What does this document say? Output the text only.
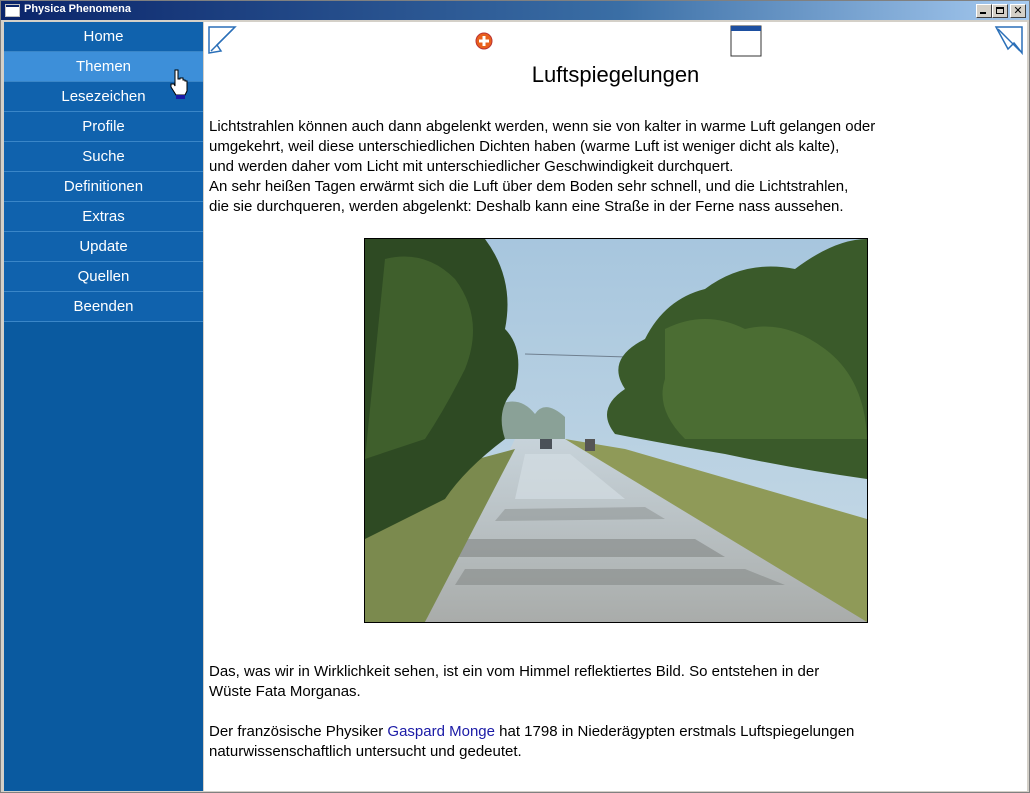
Physica Phenomena	✕
Home
Themen
Lesezeichen
Profile
Suche
Definitionen
Extras
Update
Quellen
Beenden
Luftspiegelungen

Lichtstrahlen können auch dann abgelenkt werden, wenn sie von kalter in warme Luft gelangen oder
umgekehrt, weil diese unterschiedlichen Dichten haben (warme Luft ist weniger dicht als kalte),
und werden daher vom Licht mit unterschiedlicher Geschwindigkeit durchquert.
An sehr heißen Tagen erwärmt sich die Luft über dem Boden sehr schnell, und die Lichtstrahlen,
die sie durchqueren, werden abgelenkt: Deshalb kann eine Straße in der Ferne nass aussehen.

Das, was wir in Wirklichkeit sehen, ist ein vom Himmel reflektiertes Bild. So entstehen in der
Wüste Fata Morganas.

Der französische Physiker Gaspard Monge hat 1798 in Niederägypten erstmals Luftspiegelungen
naturwissenschaftlich untersucht und gedeutet.
